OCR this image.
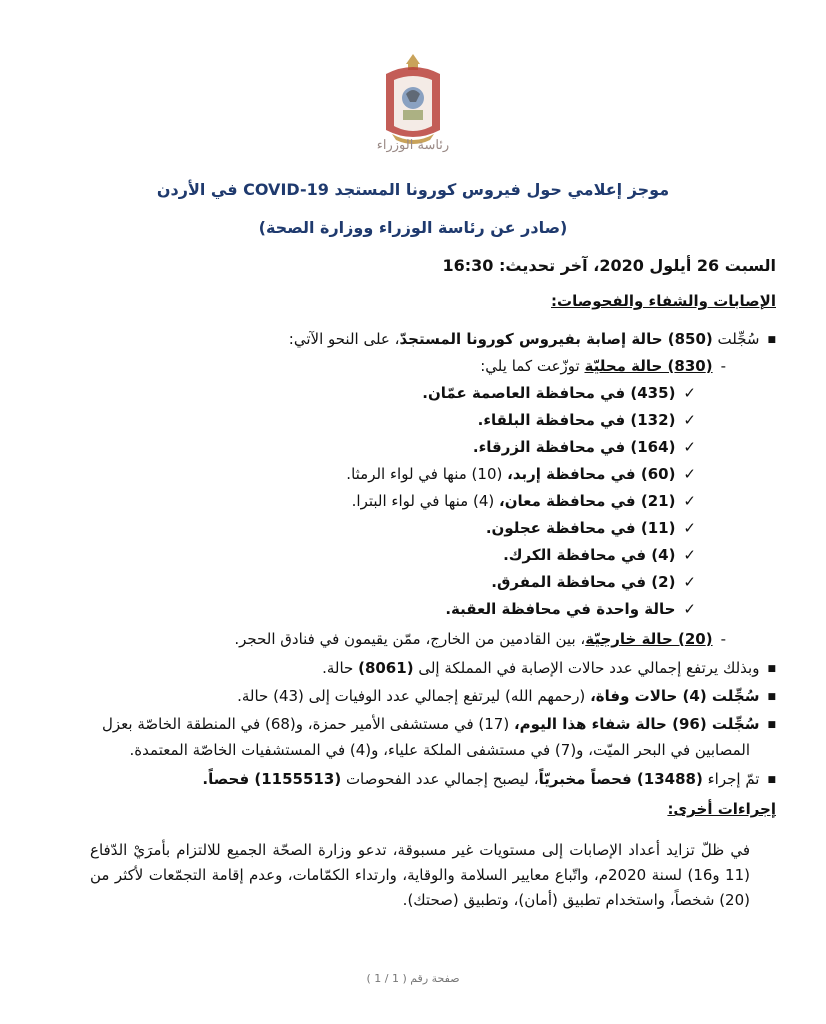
رئاسة الوزراء
موجز إعلامي حول فيروس كورونا المستجد COVID-19 في الأردن
(صادر عن رئاسة الوزراء ووزارة الصحة)
السبت 26 أيلول 2020، آخر تحديث: 16:30
الإصابات والشفاء والفحوصات:
■سُجِّلت (850) حالة إصابة بفيروس كورونا المستجدّ، على النحو الآتي:
-(830) حالة محليّة توزّعت كما يلي:
✓(435) في محافظة العاصمة عمّان.
✓(132) في محافظة البلقاء.
✓(164) في محافظة الزرقاء.
✓(60) في محافظة إربد، (10) منها في لواء الرمثا.
✓(21) في محافظة معان، (4) منها في لواء البترا.
✓(11) في محافظة عجلون.
✓(4) في محافظة الكرك.
✓(2) في محافظة المفرق.
✓حالة واحدة في محافظة العقبة.
-(20) حالة خارجيّة، بين القادمين من الخارج، ممّن يقيمون في فنادق الحجر.
■وبذلك يرتفع إجمالي عدد حالات الإصابة في المملكة إلى (8061) حالة.
■سُجِّلت (4) حالات وفاة، (رحمهم الله) ليرتفع إجمالي عدد الوفيات إلى (43) حالة.
■سُجِّلت (96) حالة شفاء هذا اليوم، (17) في مستشفى الأمير حمزة، و(68) في المنطقة الخاصّة بعزل
المصابين في البحر الميّت، و(7) في مستشفى الملكة علياء، و(4) في المستشفيات الخاصّة المعتمدة.
■تمّ إجراء (13488) فحصاً مخبريّاً، ليصبح إجمالي عدد الفحوصات (1155513) فحصاً.
إجراءات أخرى:
في ظلّ تزايد أعداد الإصابات إلى مستويات غير مسبوقة، تدعو وزارة الصحّة الجميع للالتزام بأمرَيْ الدّفاع (11 و16) لسنة 2020م، واتّباع معايير السلامة والوقاية، وارتداء الكمّامات، وعدم إقامة التجمّعات لأكثر من (20) شخصاً، واستخدام تطبيق (أمان)، وتطبيق (صحتك).
صفحة رقم ( 1 / 1 )
